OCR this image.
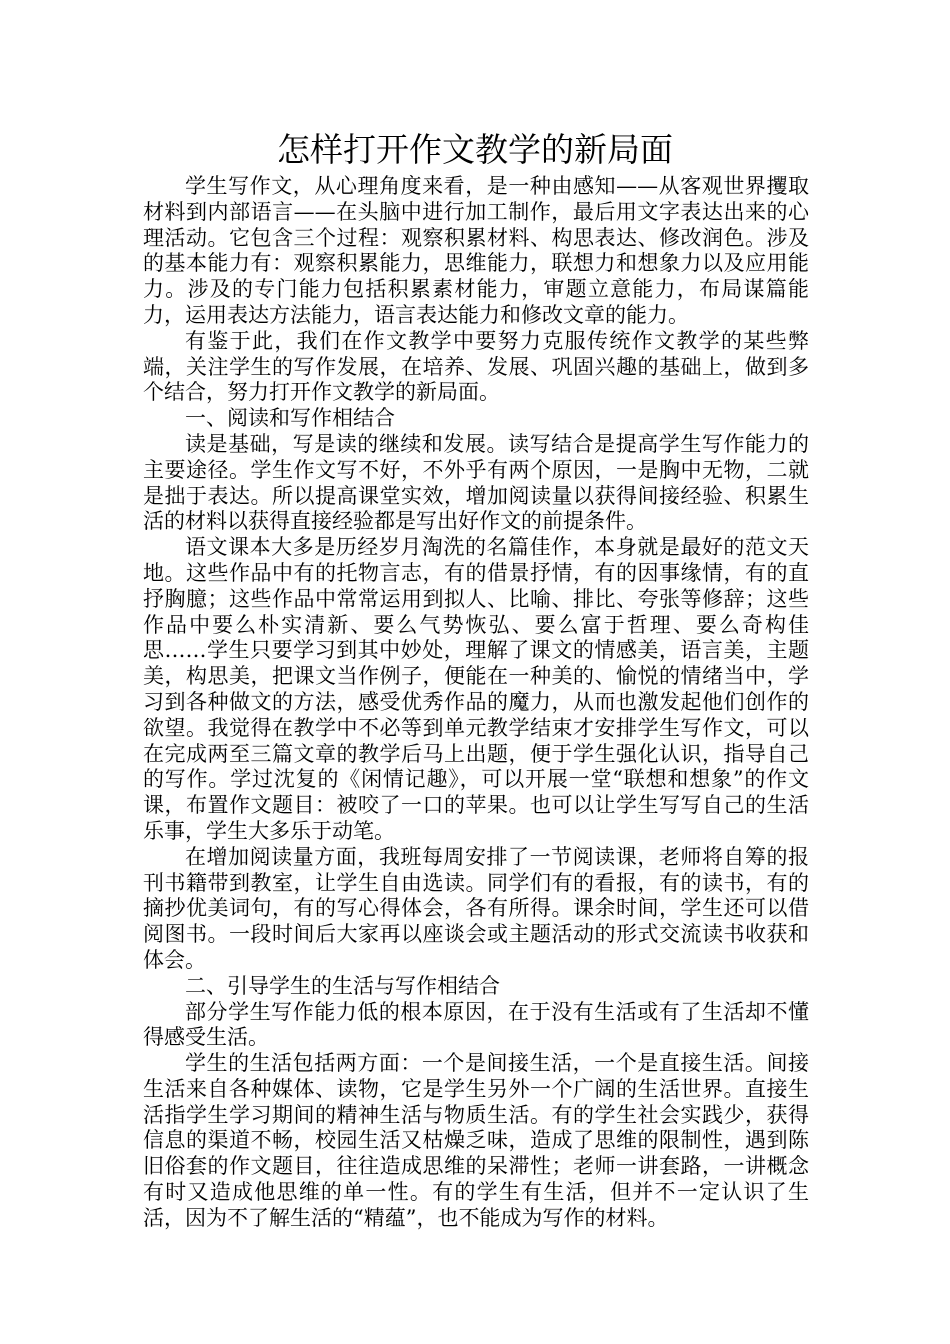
怎样打开作文教学的新局面

学生写作文，从心理角度来看，是一种由感知——从客观世界攫取材料到内部语言——在头脑中进行加工制作，最后用文字表达出来的心理活动。它包含三个过程：观察积累材料、构思表达、修改润色。涉及的基本能力有：观察积累能力，思维能力，联想力和想象力以及应用能力。涉及的专门能力包括积累素材能力，审题立意能力，布局谋篇能力，运用表达方法能力，语言表达能力和修改文章的能力。

有鉴于此，我们在作文教学中要努力克服传统作文教学的某些弊端，关注学生的写作发展，在培养、发展、巩固兴趣的基础上，做到多个结合，努力打开作文教学的新局面。

一、阅读和写作相结合

读是基础，写是读的继续和发展。读写结合是提高学生写作能力的主要途径。学生作文写不好，不外乎有两个原因，一是胸中无物，二就是拙于表达。所以提高课堂实效，增加阅读量以获得间接经验、积累生活的材料以获得直接经验都是写出好作文的前提条件。

语文课本大多是历经岁月淘洗的名篇佳作，本身就是最好的范文天地。这些作品中有的托物言志，有的借景抒情，有的因事缘情，有的直抒胸臆；这些作品中常常运用到拟人、比喻、排比、夸张等修辞；这些作品中要么朴实清新、要么气势恢弘、要么富于哲理、要么奇构佳思……学生只要学习到其中妙处，理解了课文的情感美，语言美，主题美，构思美，把课文当作例子，便能在一种美的、愉悦的情绪当中，学习到各种做文的方法，感受优秀作品的魔力，从而也激发起他们创作的欲望。我觉得在教学中不必等到单元教学结束才安排学生写作文，可以在完成两至三篇文章的教学后马上出题，便于学生强化认识，指导自己的写作。学过沈复的《闲情记趣》，可以开展一堂“联想和想象”的作文课，布置作文题目：被咬了一口的苹果。也可以让学生写写自己的生活乐事，学生大多乐于动笔。

在增加阅读量方面，我班每周安排了一节阅读课，老师将自筹的报刊书籍带到教室，让学生自由选读。同学们有的看报，有的读书，有的摘抄优美词句，有的写心得体会，各有所得。课余时间，学生还可以借阅图书。一段时间后大家再以座谈会或主题活动的形式交流读书收获和体会。

二、引导学生的生活与写作相结合

部分学生写作能力低的根本原因，在于没有生活或有了生活却不懂得感受生活。

学生的生活包括两方面：一个是间接生活，一个是直接生活。间接生活来自各种媒体、读物，它是学生另外一个广阔的生活世界。直接生活指学生学习期间的精神生活与物质生活。有的学生社会实践少，获得信息的渠道不畅，校园生活又枯燥乏味，造成了思维的限制性，遇到陈旧俗套的作文题目，往往造成思维的呆滞性；老师一讲套路，一讲概念有时又造成他思维的单一性。有的学生有生活，但并不一定认识了生活，因为不了解生活的“精蕴”，也不能成为写作的材料。
